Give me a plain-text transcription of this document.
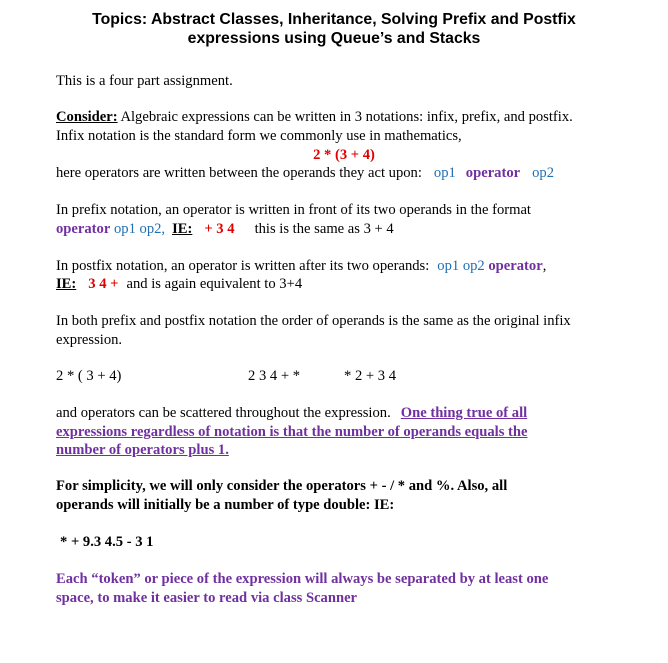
Topics: Abstract Classes, Inheritance, Solving Prefix and Postfix
expressions using Queue’s and Stacks
This is a four part assignment.
Consider: Algebraic expressions can be written in 3 notations: infix, prefix, and postfix.
Infix notation is the standard form we commonly use in mathematics,
2 * (3 + 4)
here operators are written between the operands they act upon: op1 operator op2
In prefix notation, an operator is written in front of its two operands in the format
operator op1 op2, IE: + 3 4 this is the same as 3 + 4
In postfix notation, an operator is written after its two operands: op1 op2 operator,
IE: 3 4 + and is again equivalent to 3+4
In both prefix and postfix notation the order of operands is the same as the original infix
expression.
2 * ( 3 + 4)	2 3 4 + *	* 2 + 3 4
and operators can be scattered throughout the expression. One thing true of all
expressions regardless of notation is that the number of operands equals the
number of operators plus 1.
For simplicity, we will only consider the operators + - / * and %. Also, all
operands will initially be a number of type double: IE:
* + 9.3 4.5 - 3 1
Each “token” or piece of the expression will always be separated by at least one
space, to make it easier to read via class Scanner
